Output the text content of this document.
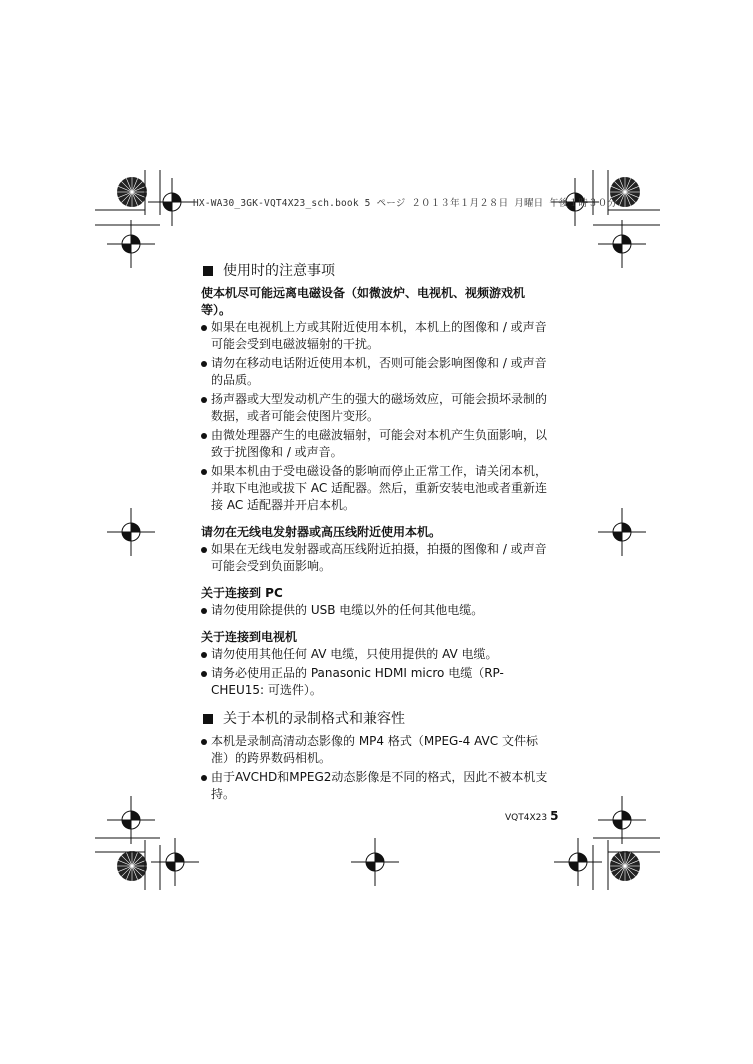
HX-WA30_3GK-VQT4X23_sch.book 5 ページ ２０１３年１月２８日 月曜日 午後１時３０分
使用时的注意事项

使本机尽可能远离电磁设备（如微波炉、电视机、视频游戏机等）。

如果在电视机上方或其附近使用本机，本机上的图像和 / 或声音可能会受到电磁波辐射的干扰。
请勿在移动电话附近使用本机，否则可能会影响图像和 / 或声音的品质。
扬声器或大型发动机产生的强大的磁场效应，可能会损坏录制的数据，或者可能会使图片变形。
由微处理器产生的电磁波辐射，可能会对本机产生负面影响，以致于扰图像和 / 或声音。
如果本机由于受电磁设备的影响而停止正常工作，请关闭本机，并取下电池或拔下 AC 适配器。然后，重新安装电池或者重新连接 AC 适配器并开启本机。

请勿在无线电发射器或高压线附近使用本机。

如果在无线电发射器或高压线附近拍摄，拍摄的图像和 / 或声音可能会受到负面影响。

关于连接到 PC

请勿使用除提供的 USB 电缆以外的任何其他电缆。

关于连接到电视机

请勿使用其他任何 AV 电缆，只使用提供的 AV 电缆。
请务必使用正品的 Panasonic HDMI micro 电缆（RP-CHEU15: 可选件）。
关于本机的录制格式和兼容性
本机是录制高清动态影像的 MP4 格式（MPEG-4 AVC 文件标准）的跨界数码相机。
由于AVCHD和MPEG2动态影像是不同的格式，因此不被本机支持。
VQT4X23 5
